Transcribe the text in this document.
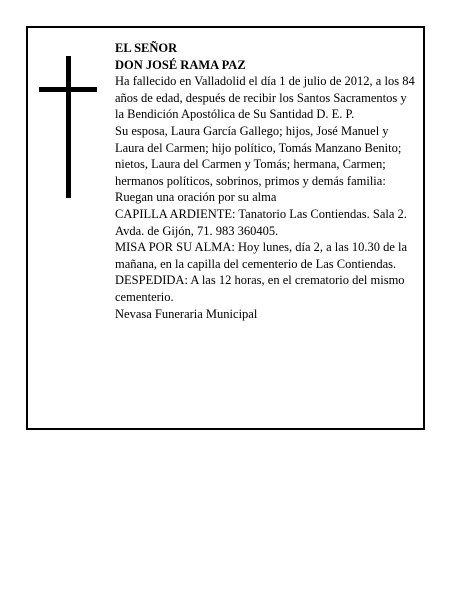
EL SEÑOR

DON JOSÉ RAMA PAZ

Ha fallecido en Valladolid el día 1 de julio de 2012, a los 84 años de edad, después de recibir los Santos Sacramentos y la Bendición Apostólica de Su Santidad D. E. P.

Su esposa, Laura García Gallego; hijos, José Manuel y Laura del Carmen; hijo político, Tomás Manzano Benito; nietos, Laura del Carmen y Tomás; hermana, Carmen; hermanos políticos, sobrinos, primos y demás familia:

Ruegan una oración por su alma

CAPILLA ARDIENTE: Tanatorio Las Contiendas. Sala 2. Avda. de Gijón, 71. 983 360405.

MISA POR SU ALMA: Hoy lunes, día 2, a las 10.30 de la mañana, en la capilla del cementerio de Las Contiendas.

DESPEDIDA: A las 12 horas, en el crematorio del mismo cementerio.

Nevasa Funeraria Municipal
